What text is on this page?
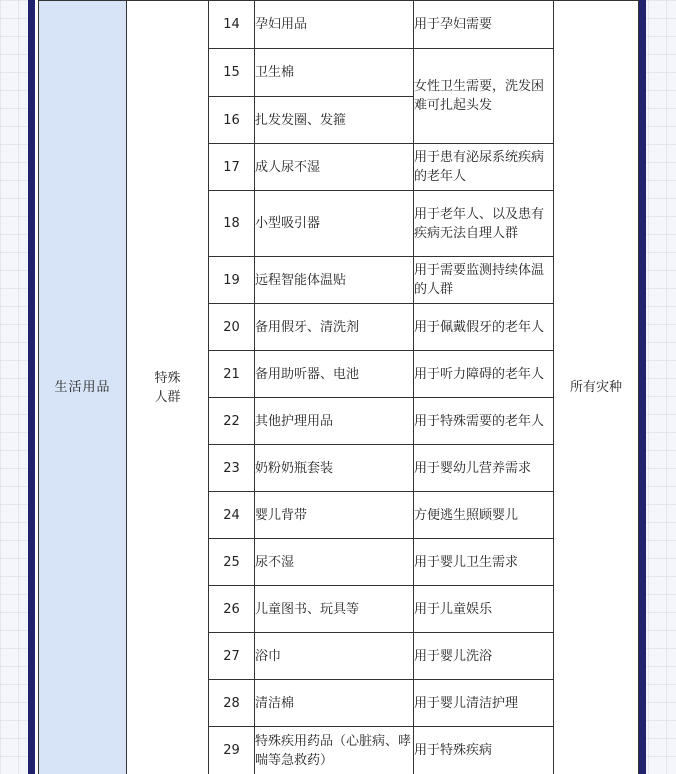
生活用品	特殊人群	14	孕妇用品	用于孕妇需要	所有灾种
		15	卫生棉	女性卫生需要，洗发困难可扎起头发	
		16	扎发发圈、发箍		
		17	成人尿不湿	用于患有泌尿系统疾病的老年人	
		18	小型吸引器	用于老年人、以及患有疾病无法自理人群	
		19	远程智能体温贴	用于需要监测持续体温的人群	
		20	备用假牙、清洗剂	用于佩戴假牙的老年人	
		21	备用助听器、电池	用于听力障碍的老年人	
		22	其他护理用品	用于特殊需要的老年人	
		23	奶粉奶瓶套装	用于婴幼儿营养需求	
		24	婴儿背带	方便逃生照顾婴儿	
		25	尿不湿	用于婴儿卫生需求	
		26	儿童图书、玩具等	用于儿童娱乐	
		27	浴巾	用于婴儿洗浴	
		28	清洁棉	用于婴儿清洁护理	
		29	特殊疾用药品（心脏病、哮喘等急救药）	用于特殊疾病	
